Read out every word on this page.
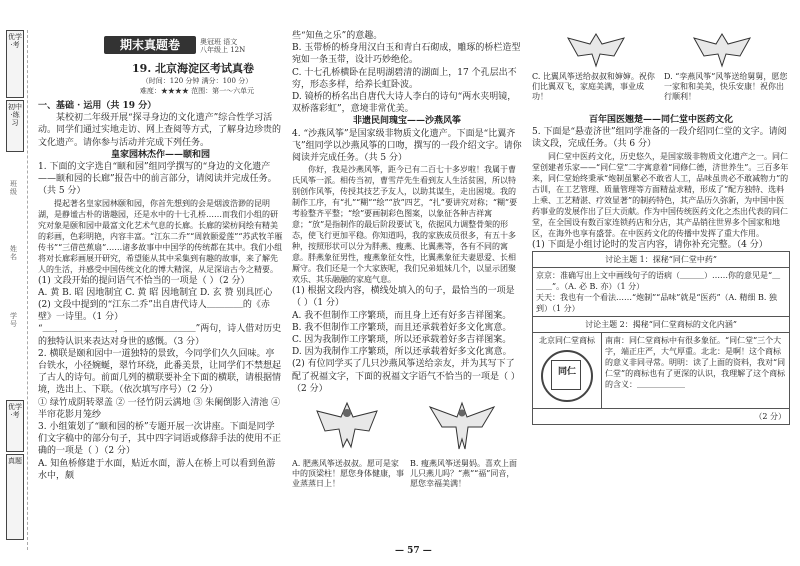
优学·考
初中·练习
班级
姓名
学号
优学·考
真题
期末真题卷	奥冠班 语文
八年级上 12N
19. 北京海淀区考试真卷
（时间：120 分钟 满分：100 分）
难度：★★★★ 范围：第一～六单元

一、基础 · 运用（共 19 分）

某校初二年级开展“探寻身边的文化遗产”综合性学习活动。同学们通过实地走访、网上查阅等方式，了解身边珍贵的文化遗产。请你参与活动并完成下列任务。

皇家园林杰作——颐和园

1. 下面的文字选自“颐和园”组同学撰写的“身边的文化遗产——颐和园的长廊”报告中的前言部分，请阅读并完成任务。（共 5 分）

提起著名皇家园林颐和园，你首先想到的会是烟波浩渺的昆明湖，是静谧古朴的谐趣园，还是水中的十七孔桥……而我们小组的研究对象是颐和园中最富文化艺术气息的长廊。长廊的梁枋间绘有精美的彩画，色彩明艳，内容丰富。“江东二乔”“周敦颐爱莲”“苏武牧羊雁传书”“三借芭蕉扇”……诸多故事中中国学的传统都在其中。我们小组将对长廊彩画展开研究，希望能从其中采集到有趣的故事，来了解先人的生活，并感受中国传统文化的博大精深，从足深谙古今之精要。

(1) 文段开始的提问语气不恰当的一项是（ ）（2 分）

A. 黄 B. 昭 因地制宜 C. 黄 昭 因地制宜 D. 玄 赞 别具匠心

(2) 文段中提到的“江东二乔”出自唐代诗人＿＿＿＿的《赤壁》一诗里。（1 分）

“＿＿＿＿＿＿＿＿，＿＿＿＿＿＿＿＿”两句，诗人借对历史的独特认识来表达对身世的感慨。（3 分）

2. 横联是颐和园中一道独特的景致，今同学们久久回味。亭台铁水，小径婉蜒，翠竹环绕，此番美景，让同学们不禁想起了古人的诗句。前面几列的横联要补全下面的横联，请根据情境，选出上、下联。（依次填写序号）（2 分）

① 绿竹成阴转翠盖 ② 一径竹阴云满地 ③ 朱阑倒影入清池 ④ 半帘花影月笼纱

3. 小组策划了“颐和园的桥”专题开展一次讲座。下面是同学们文字稿中的部分句子，其中四字词语或修辞手法的使用不正确的一项是（ ）（2 分）

A. 知鱼桥修建于水面，贴近水面，游人在桥上可以看到鱼游水中，颇

些“知鱼之乐”的意趣。

B. 玉带桥的桥身用汉白玉和青白石砌成，雕琢的桥栏造型宛如一条玉带，设计巧妙绝伦。

C. 十七孔桥横卧在昆明湖碧清的湖面上，17 个孔层出不穷，形态多样，给养长虹卧波。

D. 镜桥的桥名出自唐代大诗人李白的诗句“两水夹明镜，双桥落彩虹”，意境非常优美。

非遗民间瑰宝——沙燕风筝

4. “沙燕风筝”是国家级非物质文化遗产。下面是“比翼齐飞”组同学以沙燕风筝的口吻，撰写的一段介绍文字。请你阅读并完成任务。（共 5 分）

你好，我是沙燕风筝，距今已有二百七十多岁啦！我属于曹氏风筝一派。相传当初，曹雪芹先生看到友人生活贫困，所以特别创作风筝，传授其技艺予友人，以助其谋生，走出困境。我的制作工序，有“扎”“糊”“绘”“放”四艺，“扎”要讲究对称；“糊”要考验整齐平整；“绘”要画制彩色图案，以象征各种吉祥寓意；“放”是指制作的最后阶段要试飞，依据风力调整骨架的形态，使飞行更加平稳。你知道吗，我的家族成员很多，有五十多种，按照形状可以分为胖燕、瘦燕、比翼燕等，各有不同的寓意。胖燕象征男性，瘦燕象征女性，比翼燕象征夫妻恩爱、长相厮守。我们还是一个大家族呢，我们兄弟姐妹几个，以显示团聚欢乐、其乐融融的家庭气息。

(1) 根据文段内容，横线处填入的句子，最恰当的一项是（ ）（1 分）

A. 我不但制作工序繁琐，而且身上还有好多吉祥图案。

B. 我不但制作工序繁琐，而且还承载着好多文化寓意。

C. 因为我制作工序繁琐，所以还承载着好多吉祥图案。

D. 因为我制作工序繁琐，所以还承载着好多文化寓意。

(2) 有位同学买了几只沙燕风筝送给亲友，并为其写下了配了祝福文字，下面的祝福文字语气不恰当的一项是（ ）（2 分）

A. 肥燕风筝送叔叔。愿可是家中的顶梁柱！愿您身体健康，事业蒸蒸日上！
B. 瘦燕风筝送舅妈。喜欢上面儿只燕儿吗？“燕”“福”同音，愿您幸福美满！
C. 比翼风筝送给叔叔和婶婶。祝你们比翼双飞，家庭美满，事业成功！
D. “孪燕风筝”风筝送给舅舅，愿您一家和和美美，快乐安康！祝你出行顺利！

百年国医翘楚——同仁堂中医药文化

5. 下面是“悬壶济世”组同学准备的一段介绍同仁堂的文字。请阅读文段，完成任务。（共 6 分）

同仁堂中医药文化，历史悠久，是国家级非物质文化遗产之一。同仁堂创建者乐家——“同仁堂”二字寓意着“同修仁德，济世养生”。三百多年来，同仁堂始终秉承“炮制虽繁必不敢省人工，品味虽贵必不敢减物力”的古训，在工艺管理、质量管理等方面精益求精，形成了“配方独特、选料上乘、工艺精湛、疗效显著”的制药特色，其产品历久弥新，为中国中医药事业的发展作出了巨大贡献。作为中国传统医药文化之杰出代表的同仁堂，在全国设有数百家连锁药店和分店，其产品销往世界多个国家和地区，在海外也享有盛誉。在中医药文化的传播中发挥了重大作用。

(1) 下面是小组讨论时的发言内容，请你补充完整。（4 分）

讨论主题 1：探秘“同仁堂中药”
京京：准确写出上文中画线句子的语病（＿＿＿）……你的意见是“＿＿＿”。（A. 必 B. 亦）（1 分）
天天：我也有一个看法……“炮制”“品味”就是“医药”（A. 精细 B. 独到）（1 分）
讨论主题 2：揭秘“同仁堂商标的文化内涵”

北京同仁堂商标
同仁
	南南：同仁堂商标中有很多象征。“同仁堂”三个大字，端正庄严，大气厚重。北北：是啊！这个商标的意义非同寻常。明明：读了上面的资料，我对“同仁堂”的商标也有了更深的认识，我理解了这个商标的含义：＿＿＿＿＿＿
（2 分）
— 57 —
